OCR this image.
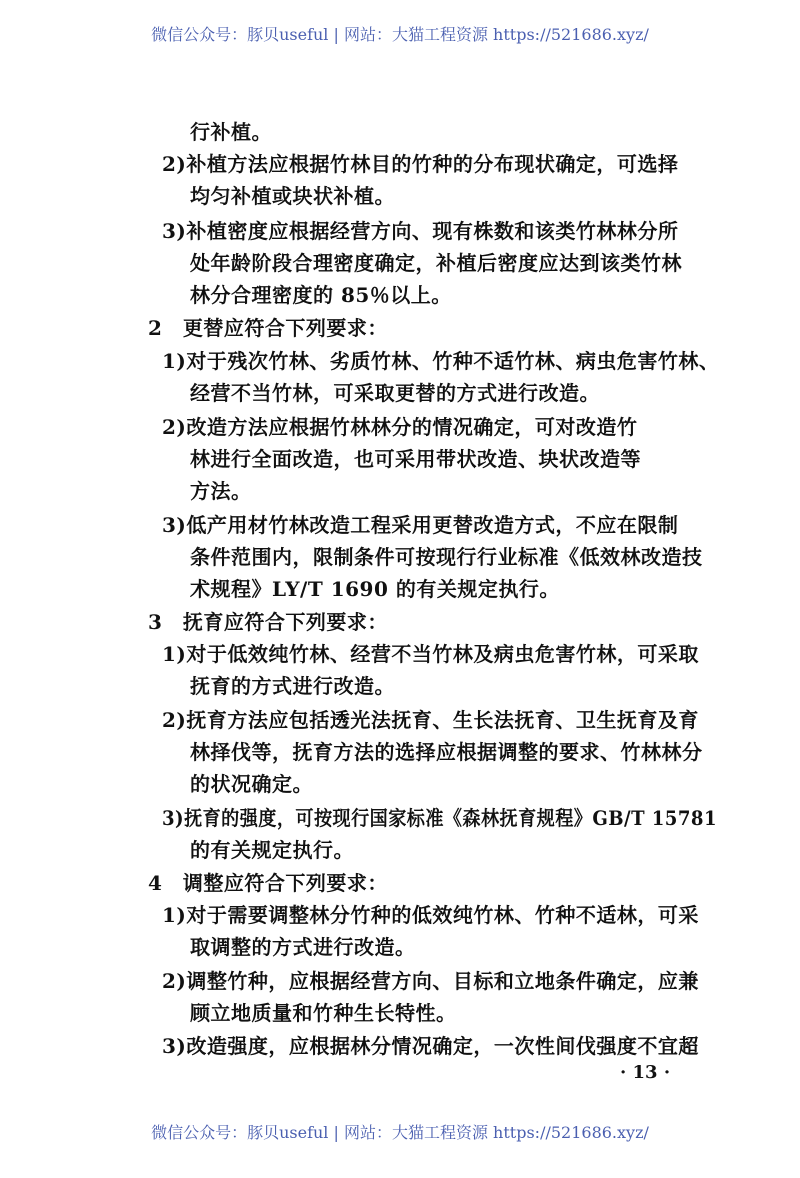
微信公众号：豚贝useful | 网站：大猫工程资源 https://521686.xyz/
行补植。
2)补植方法应根据竹林目的竹种的分布现状确定，可选择
均匀补植或块状补植。
3)补植密度应根据经营方向、现有株数和该类竹林林分所
处年龄阶段合理密度确定，补植后密度应达到该类竹林
林分合理密度的 85％以上。
2　更替应符合下列要求：
1)对于残次竹林、劣质竹林、竹种不适竹林、病虫危害竹林、
经营不当竹林，可采取更替的方式进行改造。
2)改造方法应根据竹林林分的情况确定，可对改造竹
林进行全面改造，也可采用带状改造、块状改造等
方法。
3)低产用材竹林改造工程采用更替改造方式，不应在限制
条件范围内，限制条件可按现行行业标准《低效林改造技
术规程》LY/T 1690 的有关规定执行。
3　抚育应符合下列要求：
1)对于低效纯竹林、经营不当竹林及病虫危害竹林，可采取
抚育的方式进行改造。
2)抚育方法应包括透光法抚育、生长法抚育、卫生抚育及育
林择伐等，抚育方法的选择应根据调整的要求、竹林林分
的状况确定。
3)抚育的强度，可按现行国家标准《森林抚育规程》GB/T 15781
的有关规定执行。
4　调整应符合下列要求：
1)对于需要调整林分竹种的低效纯竹林、竹种不适林，可采
取调整的方式进行改造。
2)调整竹种，应根据经营方向、目标和立地条件确定，应兼
顾立地质量和竹种生长特性。
3)改造强度，应根据林分情况确定，一次性间伐强度不宜超
· 13 ·
微信公众号：豚贝useful | 网站：大猫工程资源 https://521686.xyz/
